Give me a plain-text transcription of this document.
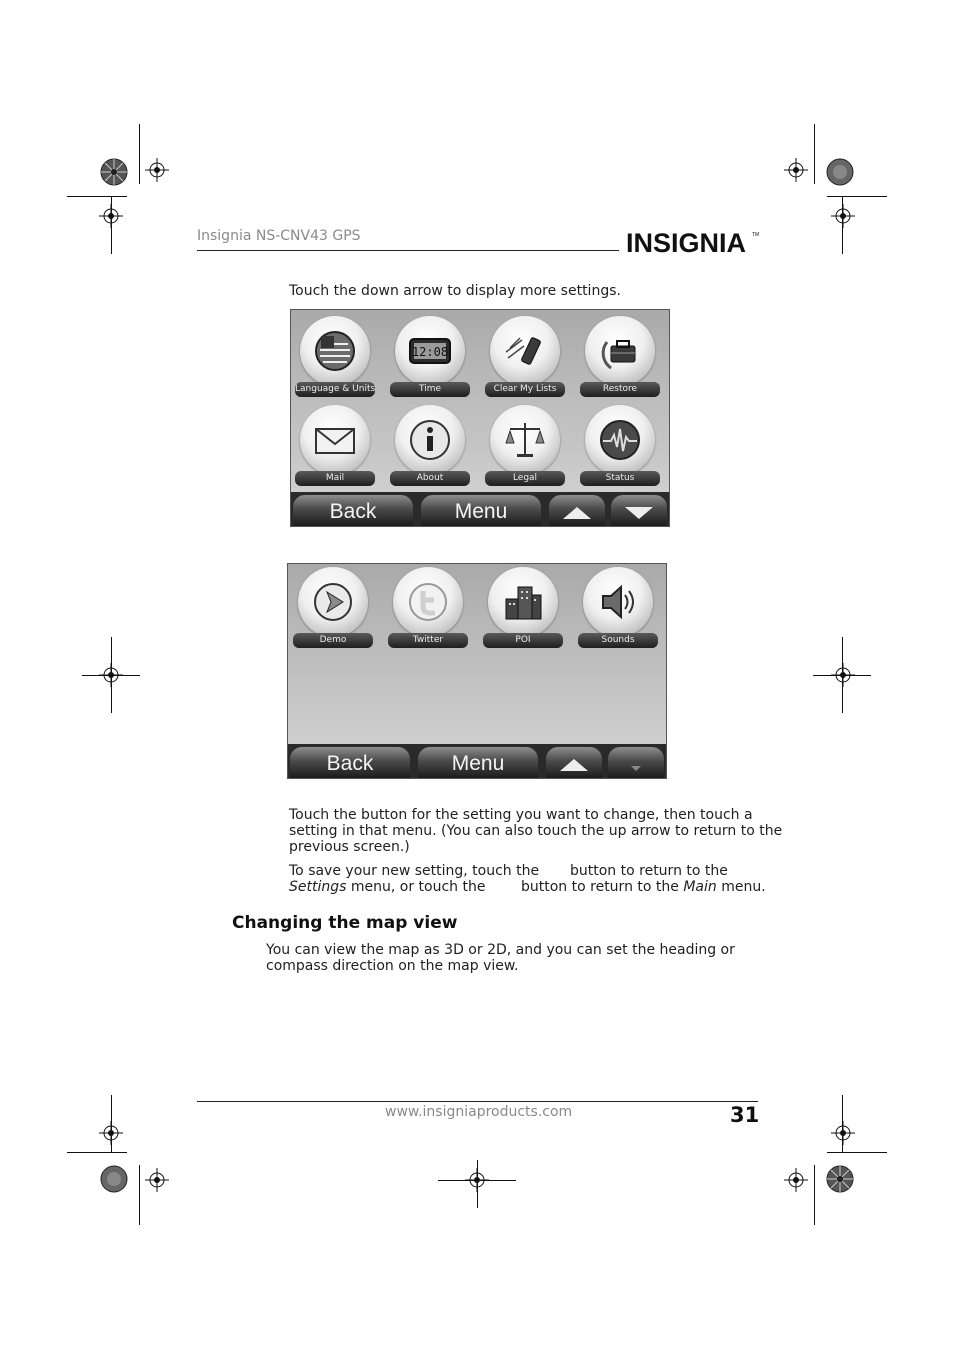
Insignia NS-CNV43 GPS	INSIGNIA TM

Touch the down arrow to display more settings.

Language & Units
12:08
Time	Clear My Lists	Restore
Mail	About	Legal	Status
Back	Menu
Demo	Twitter	POI	Sounds
Back	Menu

Touch the button for the setting you want to change, then touch a

setting in that menu. (You can also touch the up arrow to return to the

previous screen.)

To save your new setting, touch the button to return to the

Settings menu, or touch the	button to return to the Main menu.

Changing the map view

You can view the map as 3D or 2D, and you can set the heading or

compass direction on the map view.

www.insigniaproducts.com	31
